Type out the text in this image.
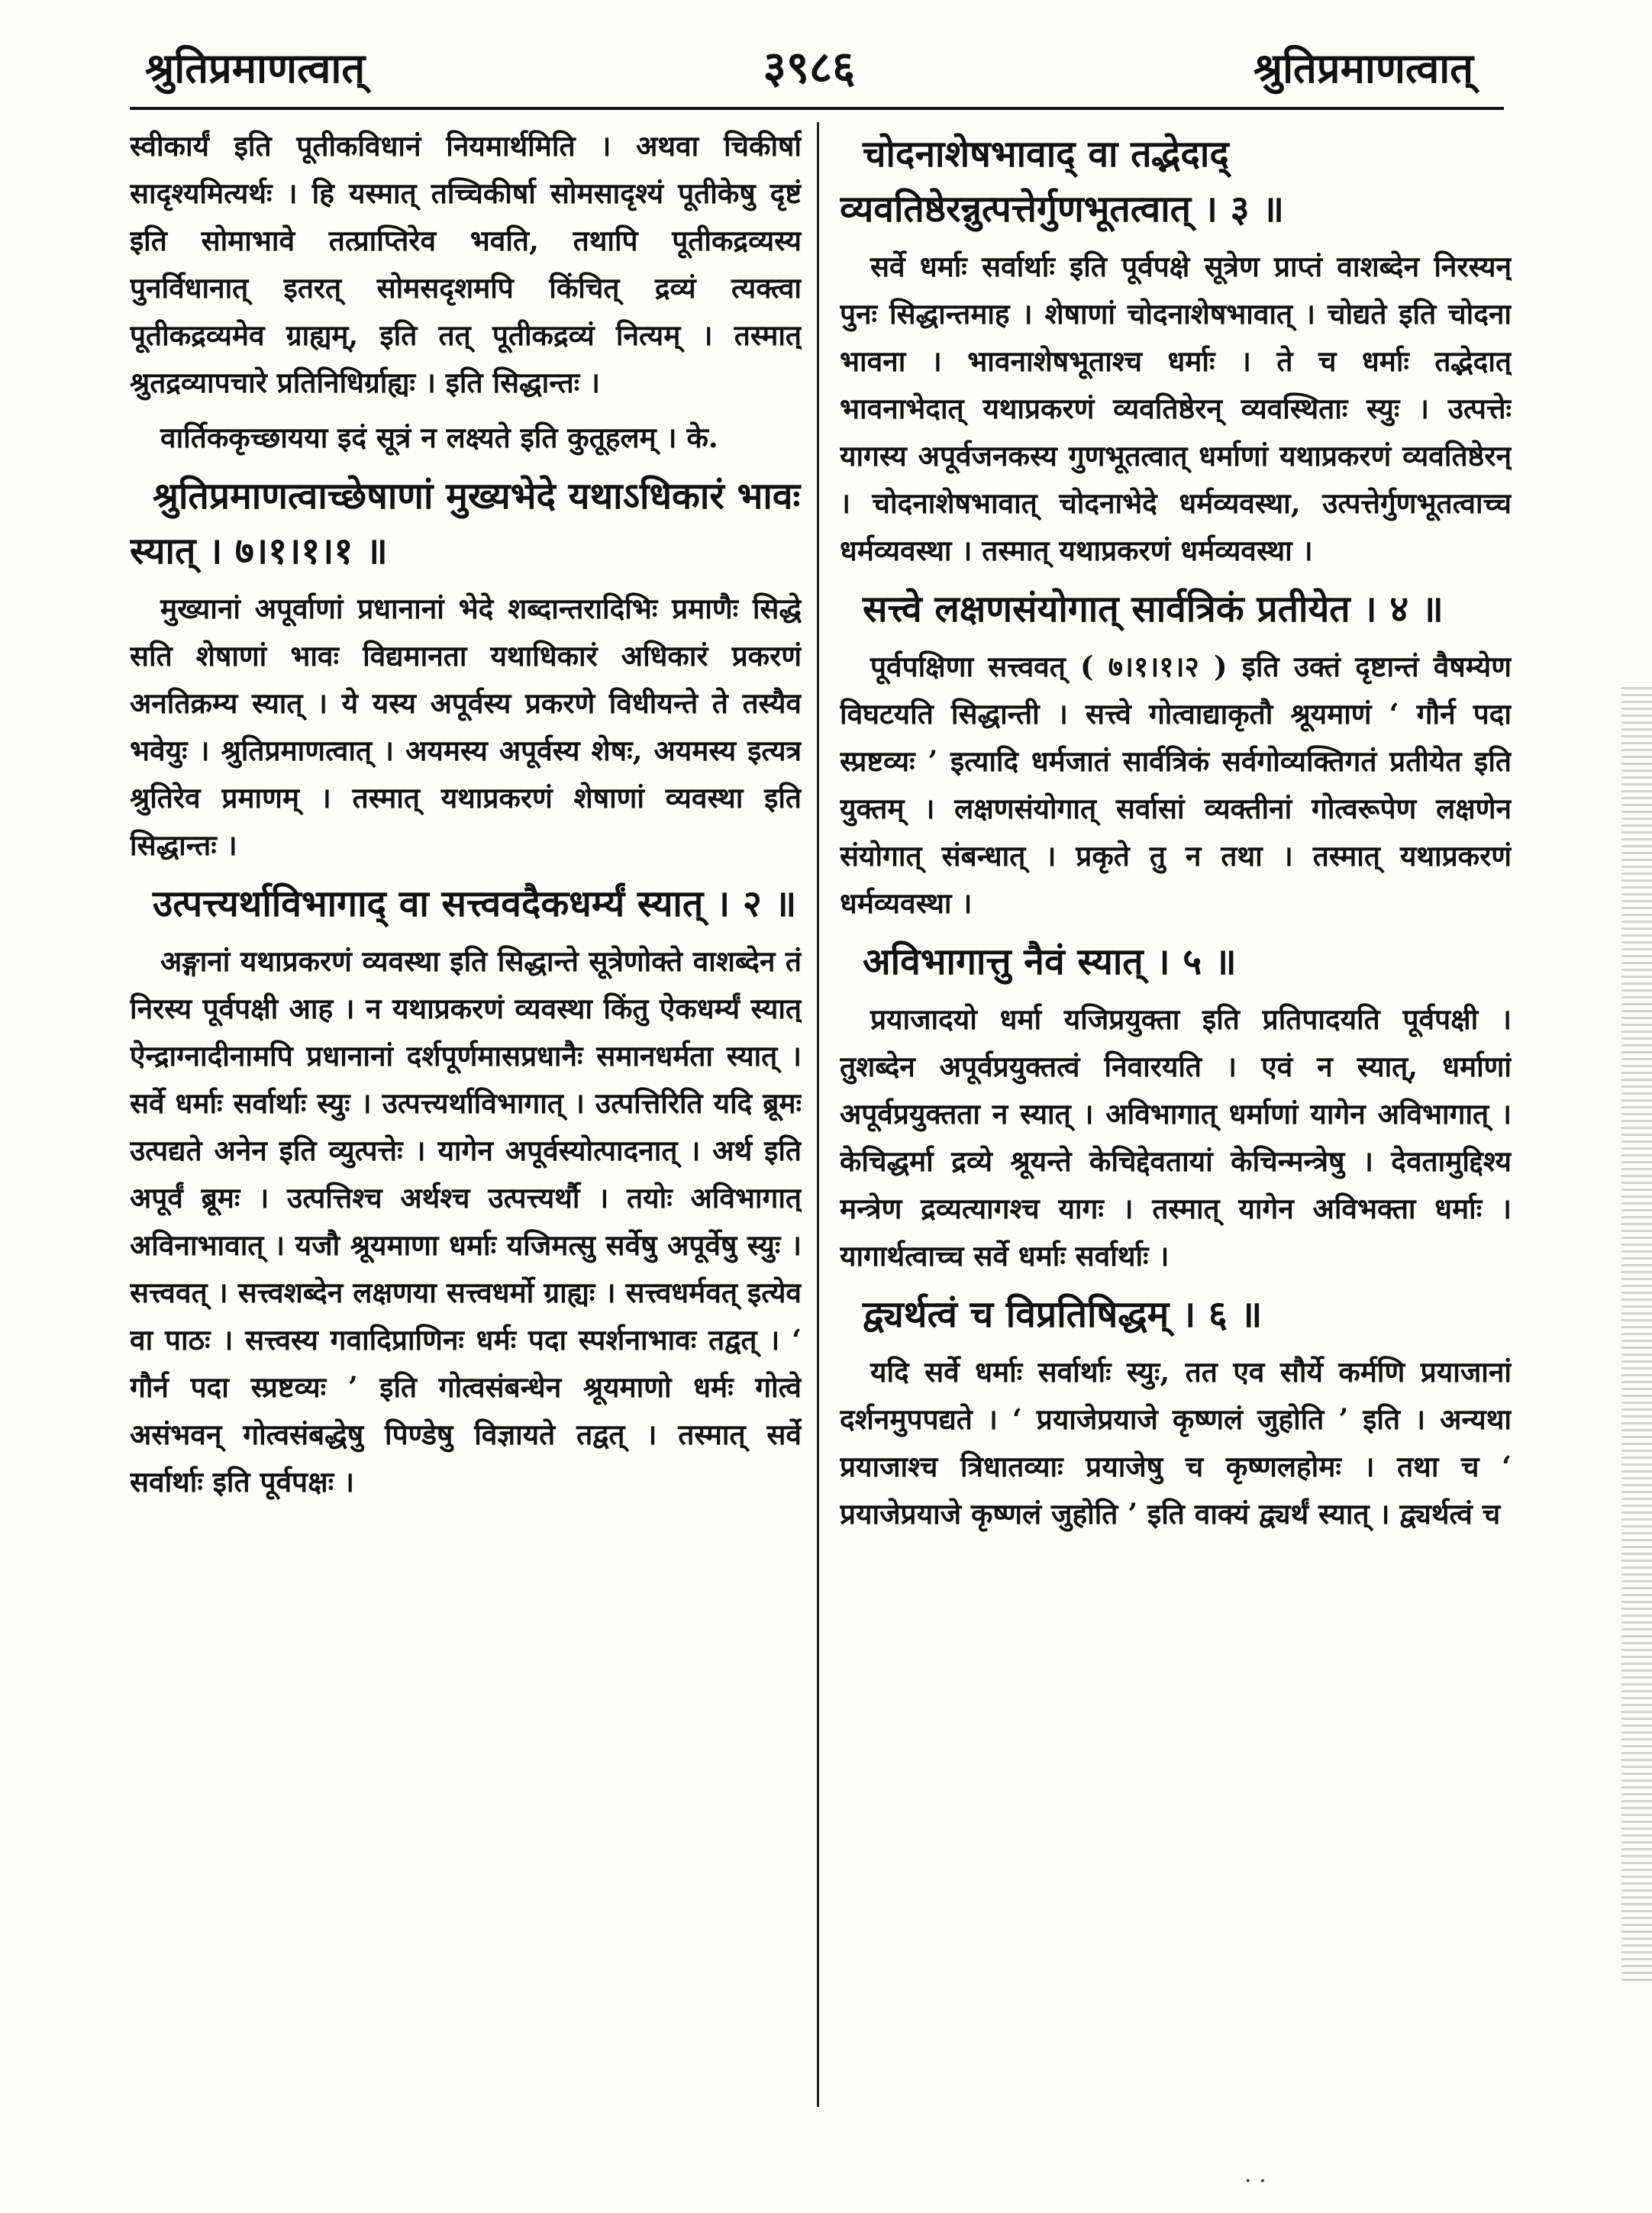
श्रुतिप्रमाणत्वात्	३९८६	श्रुतिप्रमाणत्वात्

स्वीकार्यं इति पूतीकविधानं नियमार्थमिति । अथवा चिकीर्षा सादृश्यमित्यर्थः । हि यस्मात् तच्चिकीर्षा सोमसादृश्यं पूतीकेषु दृष्टं इति सोमाभावे तत्प्राप्तिरेव भवति, तथापि पूतीकद्रव्यस्य पुनर्विधानात् इतरत् सोमसदृशमपि किंचित् द्रव्यं त्यक्त्वा पूतीकद्रव्यमेव ग्राह्यम्, इति तत् पूतीकद्रव्यं नित्यम् । तस्मात् श्रुतद्रव्यापचारे प्रतिनिधिर्ग्राह्यः । इति सिद्धान्तः ।

वार्तिककृच्छायया इदं सूत्रं न लक्ष्यते इति कुतूहलम् । के.

श्रुतिप्रमाणत्वाच्छेषाणां मुख्यभेदे यथाऽधिकारं भावः स्यात् । ७।१।१।१ ॥

मुख्यानां अपूर्वाणां प्रधानानां भेदे शब्दान्तरादिभिः प्रमाणैः सिद्धे सति शेषाणां भावः विद्यमानता यथाधिकारं अधिकारं प्रकरणं अनतिक्रम्य स्यात् । ये यस्य अपूर्वस्य प्रकरणे विधीयन्ते ते तस्यैव भवेयुः । श्रुतिप्रमाणत्वात् । अयमस्य अपूर्वस्य शेषः, अयमस्य इत्यत्र श्रुतिरेव प्रमाणम् । तस्मात् यथाप्रकरणं शेषाणां व्यवस्था इति सिद्धान्तः ।

उत्पत्त्यर्थाविभागाद् वा सत्त्ववदैकधर्म्यं स्यात् । २ ॥

अङ्गानां यथाप्रकरणं व्यवस्था इति सिद्धान्ते सूत्रेणोक्ते वाशब्देन तं निरस्य पूर्वपक्षी आह । न यथाप्रकरणं व्यवस्था किंतु ऐकधर्म्यं स्यात् ऐन्द्राग्नादीनामपि प्रधानानां दर्शपूर्णमासप्रधानैः समानधर्मता स्यात् । सर्वे धर्माः सर्वार्थाः स्युः । उत्पत्त्यर्थाविभागात् । उत्पत्तिरिति यदि ब्रूमः उत्पद्यते अनेन इति व्युत्पत्तेः । यागेन अपूर्वस्योत्पादनात् । अर्थ इति अपूर्वं ब्रूमः । उत्पत्तिश्च अर्थश्च उत्पत्त्यर्थौ । तयोः अविभागात् अविनाभावात् । यजौ श्रूयमाणा धर्माः यजिमत्सु सर्वेषु अपूर्वेषु स्युः । सत्त्ववत् । सत्त्वशब्देन लक्षणया सत्त्वधर्मो ग्राह्यः । सत्त्वधर्मवत् इत्येव वा पाठः । सत्त्वस्य गवादिप्राणिनः धर्मः पदा स्पर्शनाभावः तद्वत् । ‘ गौर्न पदा स्प्रष्टव्यः ’ इति गोत्वसंबन्धेन श्रूयमाणो धर्मः गोत्वे असंभवन् गोत्वसंबद्धेषु पिण्डेषु विज्ञायते तद्वत् । तस्मात् सर्वे सर्वार्थाः इति पूर्वपक्षः ।

चोदनाशेषभावाद् वा तद्भेदाद् व्यवतिष्ठेरन्नुत्पत्तेर्गुणभूतत्वात् । ३ ॥

सर्वे धर्माः सर्वार्थाः इति पूर्वपक्षे सूत्रेण प्राप्तं वाशब्देन निरस्यन् पुनः सिद्धान्तमाह । शेषाणां चोदनाशेषभावात् । चोद्यते इति चोदना भावना । भावनाशेषभूताश्च धर्माः । ते च धर्माः तद्भेदात् भावनाभेदात् यथाप्रकरणं व्यवतिष्ठेरन् व्यवस्थिताः स्युः । उत्पत्तेः यागस्य अपूर्वजनकस्य गुणभूतत्वात् धर्माणां यथाप्रकरणं व्यवतिष्ठेरन् । चोदनाशेषभावात् चोदनाभेदे धर्मव्यवस्था, उत्पत्तेर्गुणभूतत्वाच्च धर्मव्यवस्था । तस्मात् यथाप्रकरणं धर्मव्यवस्था ।

सत्त्वे लक्षणसंयोगात् सार्वत्रिकं प्रतीयेत । ४ ॥

पूर्वपक्षिणा सत्त्ववत् ( ७।१।१।२ ) इति उक्तं दृष्टान्तं वैषम्येण विघटयति सिद्धान्ती । सत्त्वे गोत्वाद्याकृतौ श्रूयमाणं ‘ गौर्न पदा स्प्रष्टव्यः ’ इत्यादि धर्मजातं सार्वत्रिकं सर्वगोव्यक्तिगतं प्रतीयेत इति युक्तम् । लक्षणसंयोगात् सर्वासां व्यक्तीनां गोत्वरूपेण लक्षणेन संयोगात् संबन्धात् । प्रकृते तु न तथा । तस्मात् यथाप्रकरणं धर्मव्यवस्था ।

अविभागात्तु नैवं स्यात् । ५ ॥

प्रयाजादयो धर्मा यजिप्रयुक्ता इति प्रतिपादयति पूर्वपक्षी । तुशब्देन अपूर्वप्रयुक्तत्वं निवारयति । एवं न स्यात्, धर्माणां अपूर्वप्रयुक्तता न स्यात् । अविभागात् धर्माणां यागेन अविभागात् । केचिद्धर्मा द्रव्ये श्रूयन्ते केचिद्देवतायां केचिन्मन्त्रेषु । देवतामुद्दिश्य मन्त्रेण द्रव्यत्यागश्च यागः । तस्मात् यागेन अविभक्ता धर्माः । यागार्थत्वाच्च सर्वे धर्माः सर्वार्थाः ।

द्व्यर्थत्वं च विप्रतिषिद्धम् । ६ ॥

यदि सर्वे धर्माः सर्वार्थाः स्युः, तत एव सौर्ये कर्मणि प्रयाजानां दर्शनमुपपद्यते । ‘ प्रयाजेप्रयाजे कृष्णलं जुहोति ’ इति । अन्यथा प्रयाजाश्च त्रिधातव्याः प्रयाजेषु च कृष्णलहोमः । तथा च ‘ प्रयाजेप्रयाजे कृष्णलं जुहोति ’ इति वाक्यं द्व्यर्थं स्यात् । द्व्यर्थत्वं च

· ·
